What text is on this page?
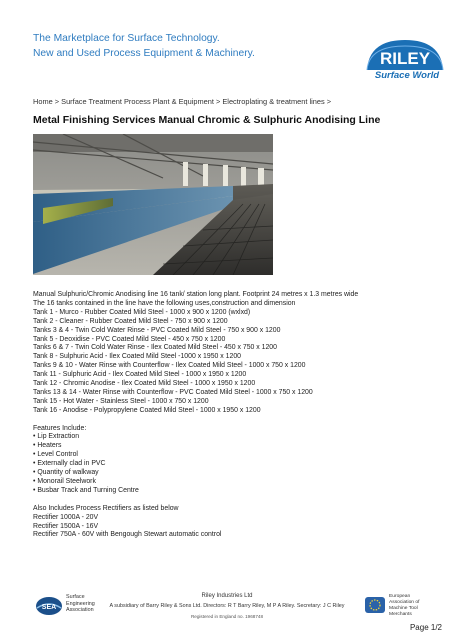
The Marketplace for Surface Technology.
New and Used Process Equipment & Machinery.	RILEY
Surface World
Home > Surface Treatment Process Plant & Equipment > Electroplating & treatment lines >
Metal Finishing Services Manual Chromic & Sulphuric Anodising Line

Manual Sulphuric/Chromic Anodising line 16 tank/ station long plant. Footprint 24 metres x 1.3 metres wide

The 16 tanks contained in the line have the following uses,construction and dimension

Tank 1 - Murco - Rubber Coated Mild Steel - 1000 x 900 x 1200 (wxlxd)

Tank 2 - Cleaner - Rubber Coated Mild Steel - 750 x 900 x 1200

Tanks 3 & 4 - Twin Cold Water Rinse - PVC Coated Mild Steel - 750 x 900 x 1200

Tank 5 - Deoxidise - PVC Coated Mild Steel - 450 x 750 x 1200

Tanks 6 & 7 - Twin Cold Water Rinse - Ilex Coated Mild Steel - 450 x 750 x 1200

Tank 8 - Sulphuric Acid - Ilex Coated Mild Steel -1000 x 1950 x 1200

Tanks 9 & 10 - Water Rinse with Counterflow - Ilex Coated Mild Steel - 1000 x 750 x 1200

Tank 11 - Sulphuric Acid - Ilex Coated Mild Steel - 1000 x 1950 x 1200

Tank 12 - Chromic Anodise - Ilex Coated Mild Steel - 1000 x 1950 x 1200

Tanks 13 & 14 - Water Rinse with Counterflow - PVC Coated Mild Steel - 1000 x 750 x 1200

Tank 15 - Hot Water - Stainless Steel - 1000 x 750 x 1200

Tank 16 - Anodise - Polypropylene Coated Mild Steel - 1000 x 1950 x 1200

Features Include:

• Lip Extraction

• Heaters

• Level Control

• Externally clad in PVC

• Quantity of walkway

• Monorail Steelwork

• Busbar Track and Turning Centre

Also Includes Process Rectifiers as listed below

Rectifier 1000A - 20V

Rectifier 1500A - 16V

Rectifier 750A - 60V with Bengough Stewart automatic control

SEA
Surface
Engineering
Association
Riley Industries Ltd
A subsidiary of Barry Riley & Sons Ltd. Directors: R T Barry Riley, M P A Riley. Secretary: J C Riley
Registered in England no. 1968748
European
Association of
Machine Tool
Merchants
Page 1/2
